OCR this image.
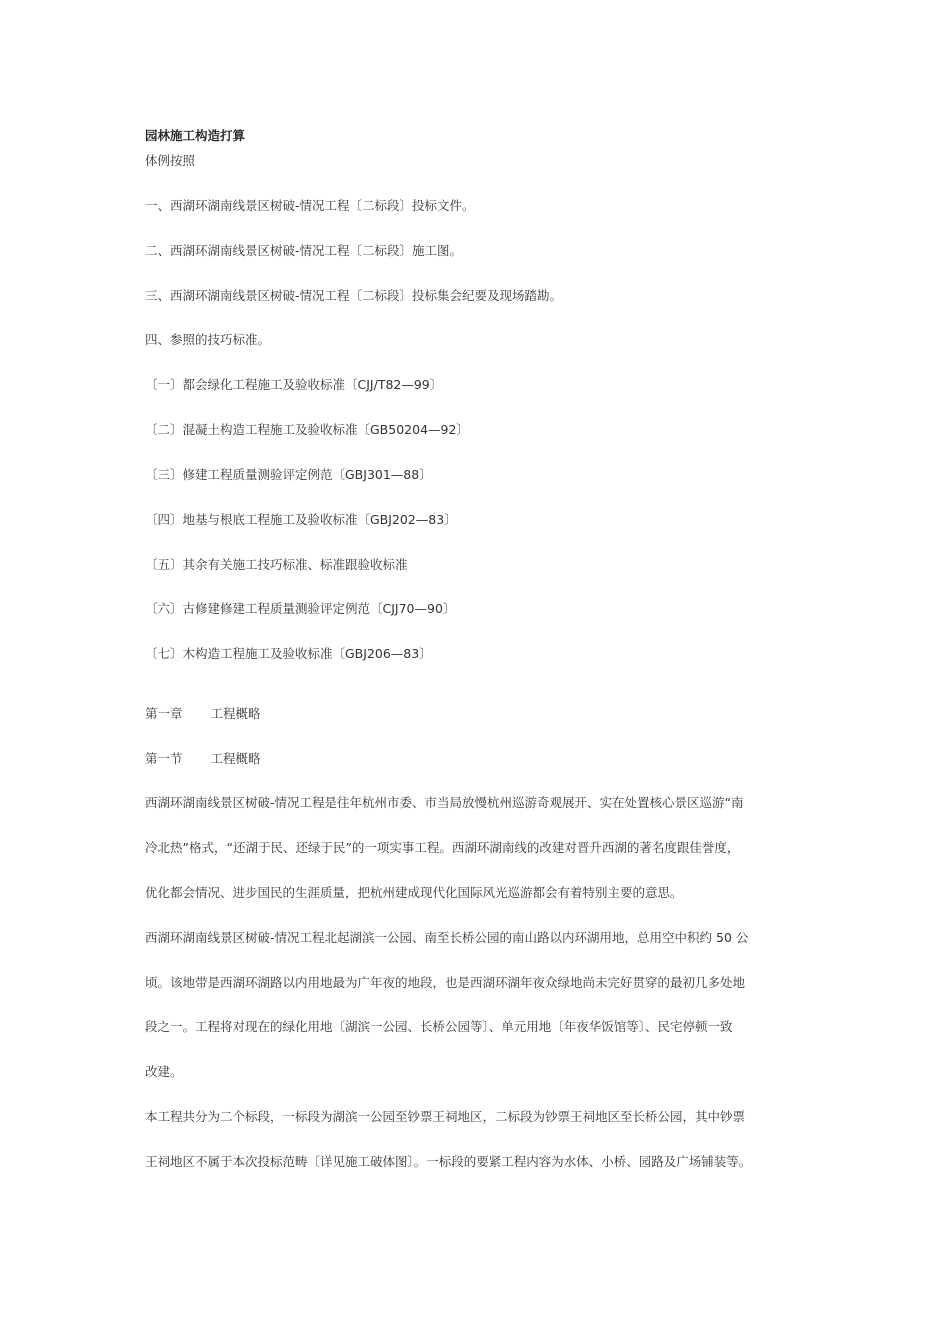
园林施工构造打算
体例按照
一、西湖环湖南线景区树破-情况工程〔二标段〕投标文件。
二、西湖环湖南线景区树破-情况工程〔二标段〕施工图。
三、西湖环湖南线景区树破-情况工程〔二标段〕投标集会纪要及现场踏勘。
四、参照的技巧标准。
〔一〕都会绿化工程施工及验收标准〔CJJ/T82—99〕
〔二〕混凝土构造工程施工及验收标准〔GB50204—92〕
〔三〕修建工程质量测验评定例范〔GBJ301—88〕
〔四〕地基与根底工程施工及验收标准〔GBJ202—83〕
〔五〕其余有关施工技巧标准、标准跟验收标准
〔六〕古修建修建工程质量测验评定例范〔CJJ70—90〕
〔七〕木构造工程施工及验收标准〔GBJ206—83〕
第一章 工程概略
第一节 工程概略
西湖环湖南线景区树破-情况工程是往年杭州市委、市当局放慢杭州巡游奇观展开、实在处置核心景区巡游“南
冷北热”格式，“还湖于民、还绿于民”的一项实事工程。西湖环湖南线的改建对晋升西湖的著名度跟佳誉度，
优化都会情况、进步国民的生涯质量，把杭州建成现代化国际风光巡游都会有着特别主要的意思。
西湖环湖南线景区树破-情况工程北起湖滨一公园、南至长桥公园的南山路以内环湖用地，总用空中积约 50 公
顷。该地带是西湖环湖路以内用地最为广年夜的地段，也是西湖环湖年夜众绿地尚未完好贯穿的最初几多处地
段之一。工程将对现在的绿化用地〔湖滨一公园、长桥公园等〕、单元用地〔年夜华饭馆等〕、民宅停顿一致
改建。
本工程共分为二个标段，一标段为湖滨一公园至钞票王祠地区，二标段为钞票王祠地区至长桥公园，其中钞票
王祠地区不属于本次投标范畴〔详见施工破体图〕。一标段的要紧工程内容为水体、小桥、园路及广场铺装等。
